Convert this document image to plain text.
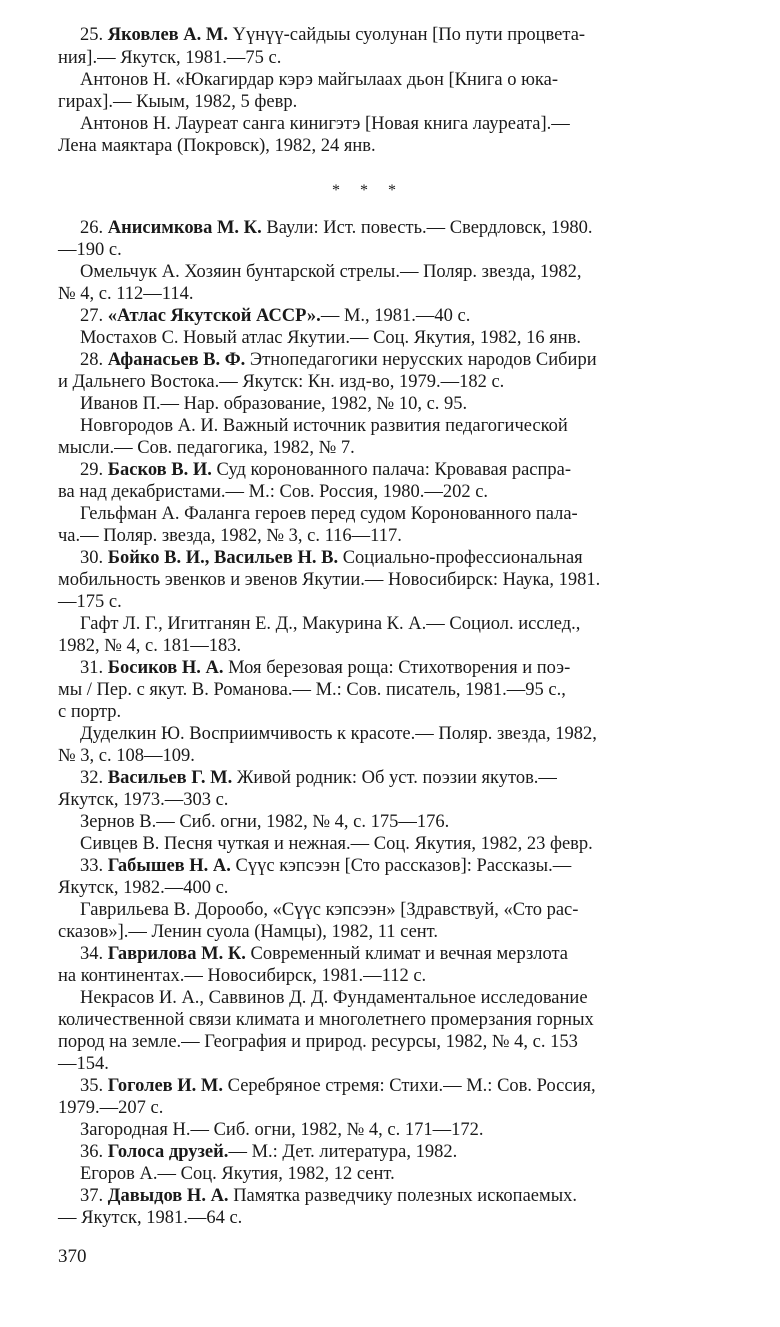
25. Яковлев А. М. Үүнүү-сайдыы суолунан [По пути процвета-
ния].— Якутск, 1981.—75 с.
Антонов Н. «Юкагирдар кэрэ майгылаах дьон [Книга о юка-
гирах].— Кыым, 1982, 5 февр.
Антонов Н. Лауреат санга кинигэтэ [Новая книга лауреата].—
Лена маяктара (Покровск), 1982, 24 янв.
26. Анисимкова М. К. Ваули: Ист. повесть.— Свердловск, 1980.
—190 с.
Омельчук А. Хозяин бунтарской стрелы.— Поляр. звезда, 1982,
№ 4, с. 112—114.
27. «Атлас Якутской АССР».— М., 1981.—40 с.
Мостахов С. Новый атлас Якутии.— Соц. Якутия, 1982, 16 янв.
28. Афанасьев В. Ф. Этнопедагогики нерусских народов Сибири
и Дальнего Востока.— Якутск: Кн. изд-во, 1979.—182 с.
Иванов П.— Нар. образование, 1982, № 10, с. 95.
Новгородов А. И. Важный источник развития педагогической
мысли.— Сов. педагогика, 1982, № 7.
29. Басков В. И. Суд коронованного палача: Кровавая распра-
ва над декабристами.— М.: Сов. Россия, 1980.—202 с.
Гельфман А. Фаланга героев перед судом Коронованного пала-
ча.— Поляр. звезда, 1982, № 3, с. 116—117.
30. Бойко В. И., Васильев Н. В. Социально-профессиональная
мобильность эвенков и эвенов Якутии.— Новосибирск: Наука, 1981.
—175 с.
Гафт Л. Г., Игитганян Е. Д., Макурина К. А.— Социол. исслед.,
1982, № 4, с. 181—183.
31. Босиков Н. А. Моя березовая роща: Стихотворения и поэ-
мы / Пер. с якут. В. Романова.— М.: Сов. писатель, 1981.—95 с.,
с портр.
Дуделкин Ю. Восприимчивость к красоте.— Поляр. звезда, 1982,
№ 3, с. 108—109.
32. Васильев Г. М. Живой родник: Об уст. поэзии якутов.—
Якутск, 1973.—303 с.
Зернов В.— Сиб. огни, 1982, № 4, с. 175—176.
Сивцев В. Песня чуткая и нежная.— Соц. Якутия, 1982, 23 февр.
33. Габышев Н. А. Сүүс кэпсээн [Сто рассказов]: Рассказы.—
Якутск, 1982.—400 с.
Гаврильева В. Дорообо, «Сүүс кэпсээн» [Здравствуй, «Сто рас-
сказов»].— Ленин суола (Намцы), 1982, 11 сент.
34. Гаврилова М. К. Современный климат и вечная мерзлота
на континентах.— Новосибирск, 1981.—112 с.
Некрасов И. А., Саввинов Д. Д. Фундаментальное исследование
количественной связи климата и многолетнего промерзания горных
пород на земле.— География и природ. ресурсы, 1982, № 4, с. 153
—154.
35. Гоголев И. М. Серебряное стремя: Стихи.— М.: Сов. Россия,
1979.—207 с.
Загородная Н.— Сиб. огни, 1982, № 4, с. 171—172.
36. Голоса друзей.— М.: Дет. литература, 1982.
Егоров А.— Соц. Якутия, 1982, 12 сент.
37. Давыдов Н. А. Памятка разведчику полезных ископаемых.
— Якутск, 1981.—64 с.
* * *
370
